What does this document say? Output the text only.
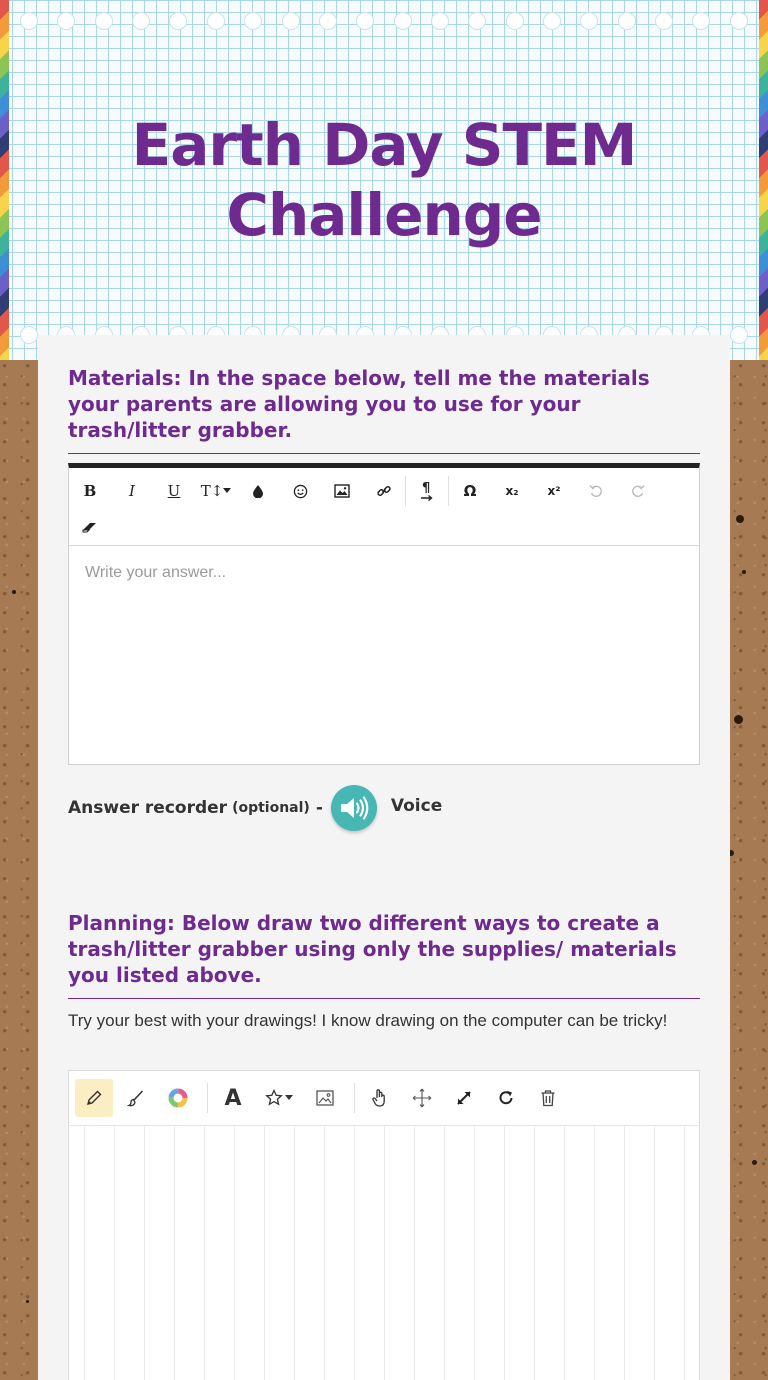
Earth Day STEM
Challenge
Materials: In the space below, tell me the materials your parents are allowing you to use for your trash/litter grabber.
B	I	U	T↕	¶	Ω	x₂	x²
Write your answer...
Answer recorder (optional) -	Voice
Planning: Below draw two different ways to create a trash/litter grabber using only the supplies/ materials you listed above.

Try your best with your drawings! I know drawing on the computer can be tricky!

A
